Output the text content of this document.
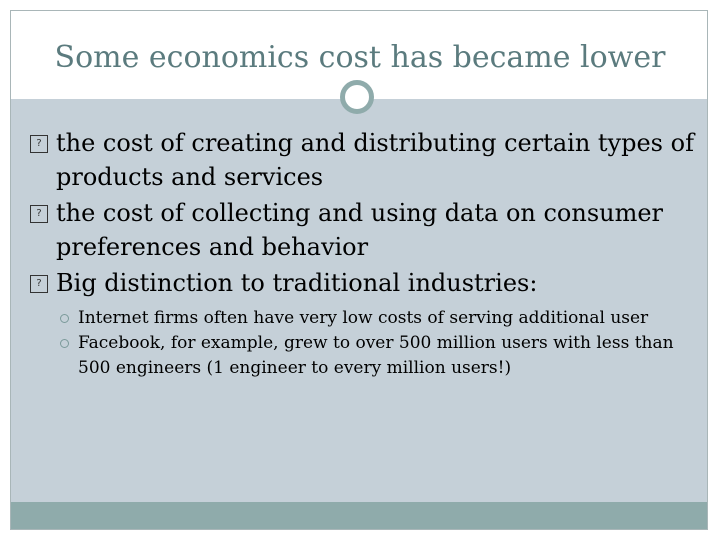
Some economics cost has became lower
? the cost of creating and distributing certain types of products and services
? the cost of collecting and using data on consumer preferences and behavior
? Big distinction to traditional industries:
Internet firms often have very low costs of serving additional user
Facebook, for example, grew to over 500 million users with less than 500 engineers (1 engineer to every million users!)
